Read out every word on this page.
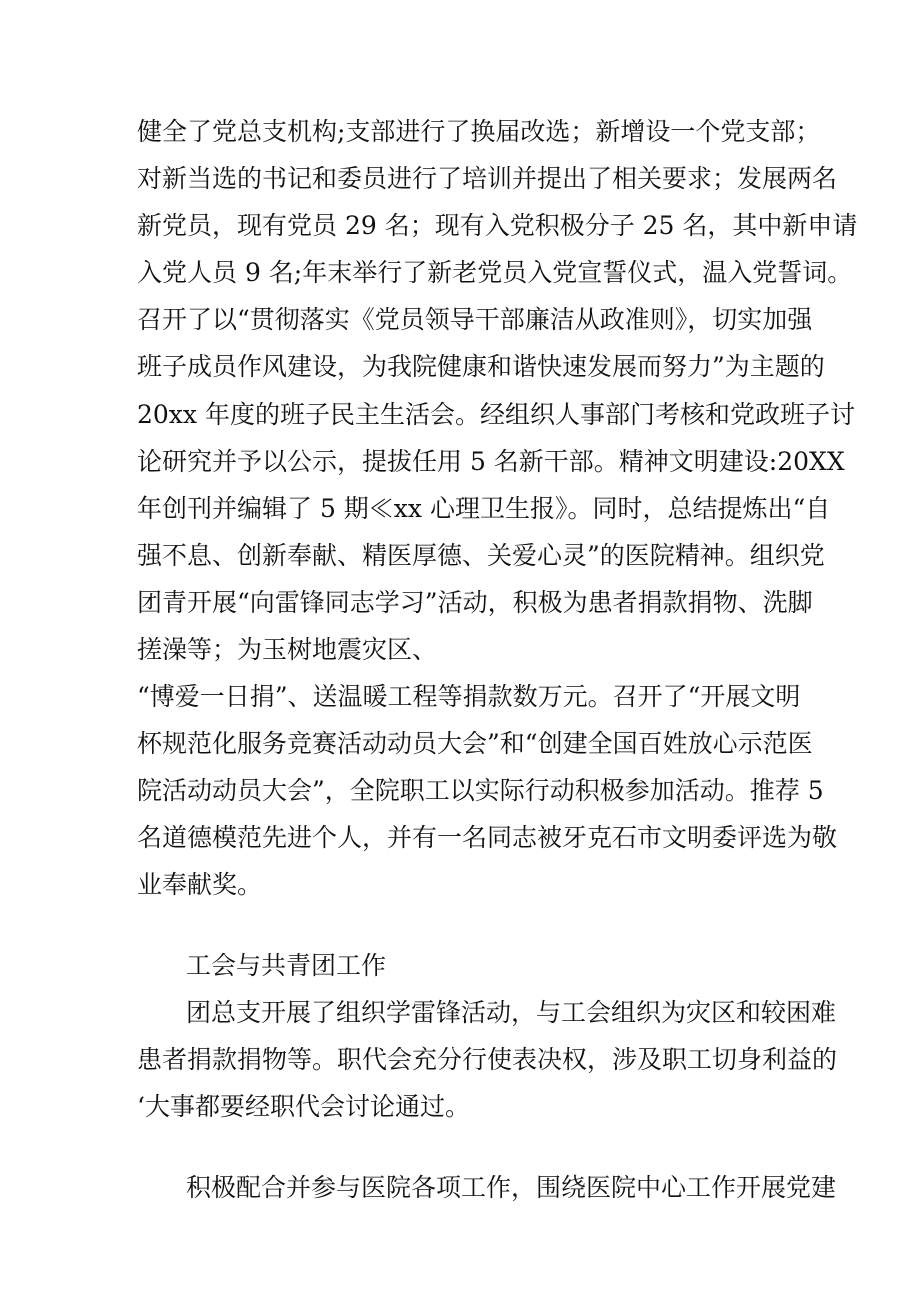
健全了党总支机构;支部进行了换届改选；新增设一个党支部；
对新当选的书记和委员进行了培训并提出了相关要求；发展两名
新党员，现有党员 29 名；现有入党积极分子 25 名，其中新申请
入党人员 9 名;年末举行了新老党员入党宣誓仪式，温入党誓词。
召开了以“贯彻落实《党员领导干部廉洁从政准则》，切实加强
班子成员作风建设，为我院健康和谐快速发展而努力”为主题的
20xx 年度的班子民主生活会。经组织人事部门考核和党政班子讨
论研究并予以公示，提拔任用 5 名新干部。精神文明建设:20XX
年创刊并编辑了 5 期≪xx 心理卫生报》。同时，总结提炼出“自
强不息、创新奉献、精医厚德、关爱心灵”的医院精神。组织党
团青开展“向雷锋同志学习”活动，积极为患者捐款捐物、洗脚
搓澡等；为玉树地震灾区、
“博爱一日捐”、送温暖工程等捐款数万元。召开了“开展文明
杯规范化服务竞赛活动动员大会”和“创建全国百姓放心示范医
院活动动员大会”，全院职工以实际行动积极参加活动。推荐 5
名道德模范先进个人，并有一名同志被牙克石市文明委评选为敬
业奉献奖。
工会与共青团工作
团总支开展了组织学雷锋活动，与工会组织为灾区和较困难
患者捐款捐物等。职代会充分行使表决权，涉及职工切身利益的
‘大事都要经职代会讨论通过。
积极配合并参与医院各项工作，围绕医院中心工作开展党建
